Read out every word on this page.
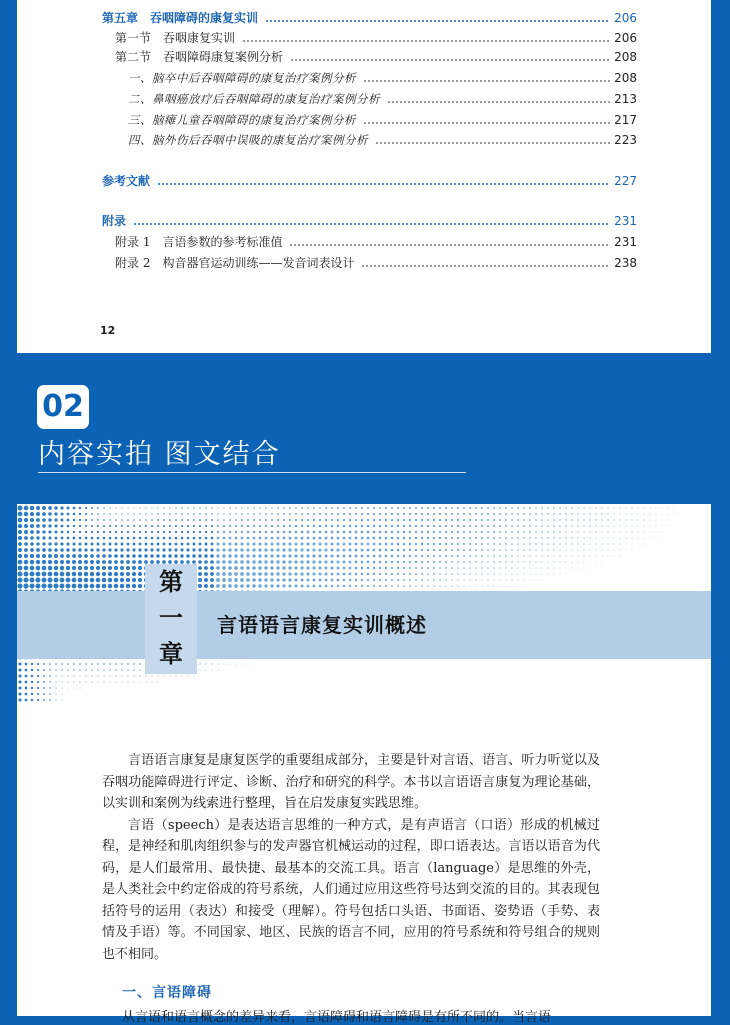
第五章　吞咽障碍的康复实训	206
第一节　吞咽康复实训	206
第二节　吞咽障碍康复案例分析	208
一、脑卒中后吞咽障碍的康复治疗案例分析	208
二、鼻咽癌放疗后吞咽障碍的康复治疗案例分析	213
三、脑瘫儿童吞咽障碍的康复治疗案例分析	217
四、脑外伤后吞咽中误吸的康复治疗案例分析	223
参考文献	227
附录	231
附录 1　言语参数的参考标准值	231
附录 2　构音器官运动训练——发音词表设计	238
12
02
内容实拍 图文结合
第
一
章
言语语言康复实训概述

言语语言康复是康复医学的重要组成部分，主要是针对言语、语言、听力听觉以及吞咽功能障碍进行评定、诊断、治疗和研究的科学。本书以言语语言康复为理论基础，以实训和案例为线索进行整理，旨在启发康复实践思维。

言语（speech）是表达语言思维的一种方式，是有声语言（口语）形成的机械过程，是神经和肌肉组织参与的发声器官机械运动的过程，即口语表达。言语以语音为代码，是人们最常用、最快捷、最基本的交流工具。语言（language）是思维的外壳，是人类社会中约定俗成的符号系统，人们通过应用这些符号达到交流的目的。其表现包括符号的运用（表达）和接受（理解）。符号包括口头语、书面语、姿势语（手势、表情及手语）等。不同国家、地区、民族的语言不同，应用的符号系统和符号组合的规则也不相同。

一、言语障碍
从言语和语言概念的差异来看，言语障碍和语言障碍是有所不同的。当言语
